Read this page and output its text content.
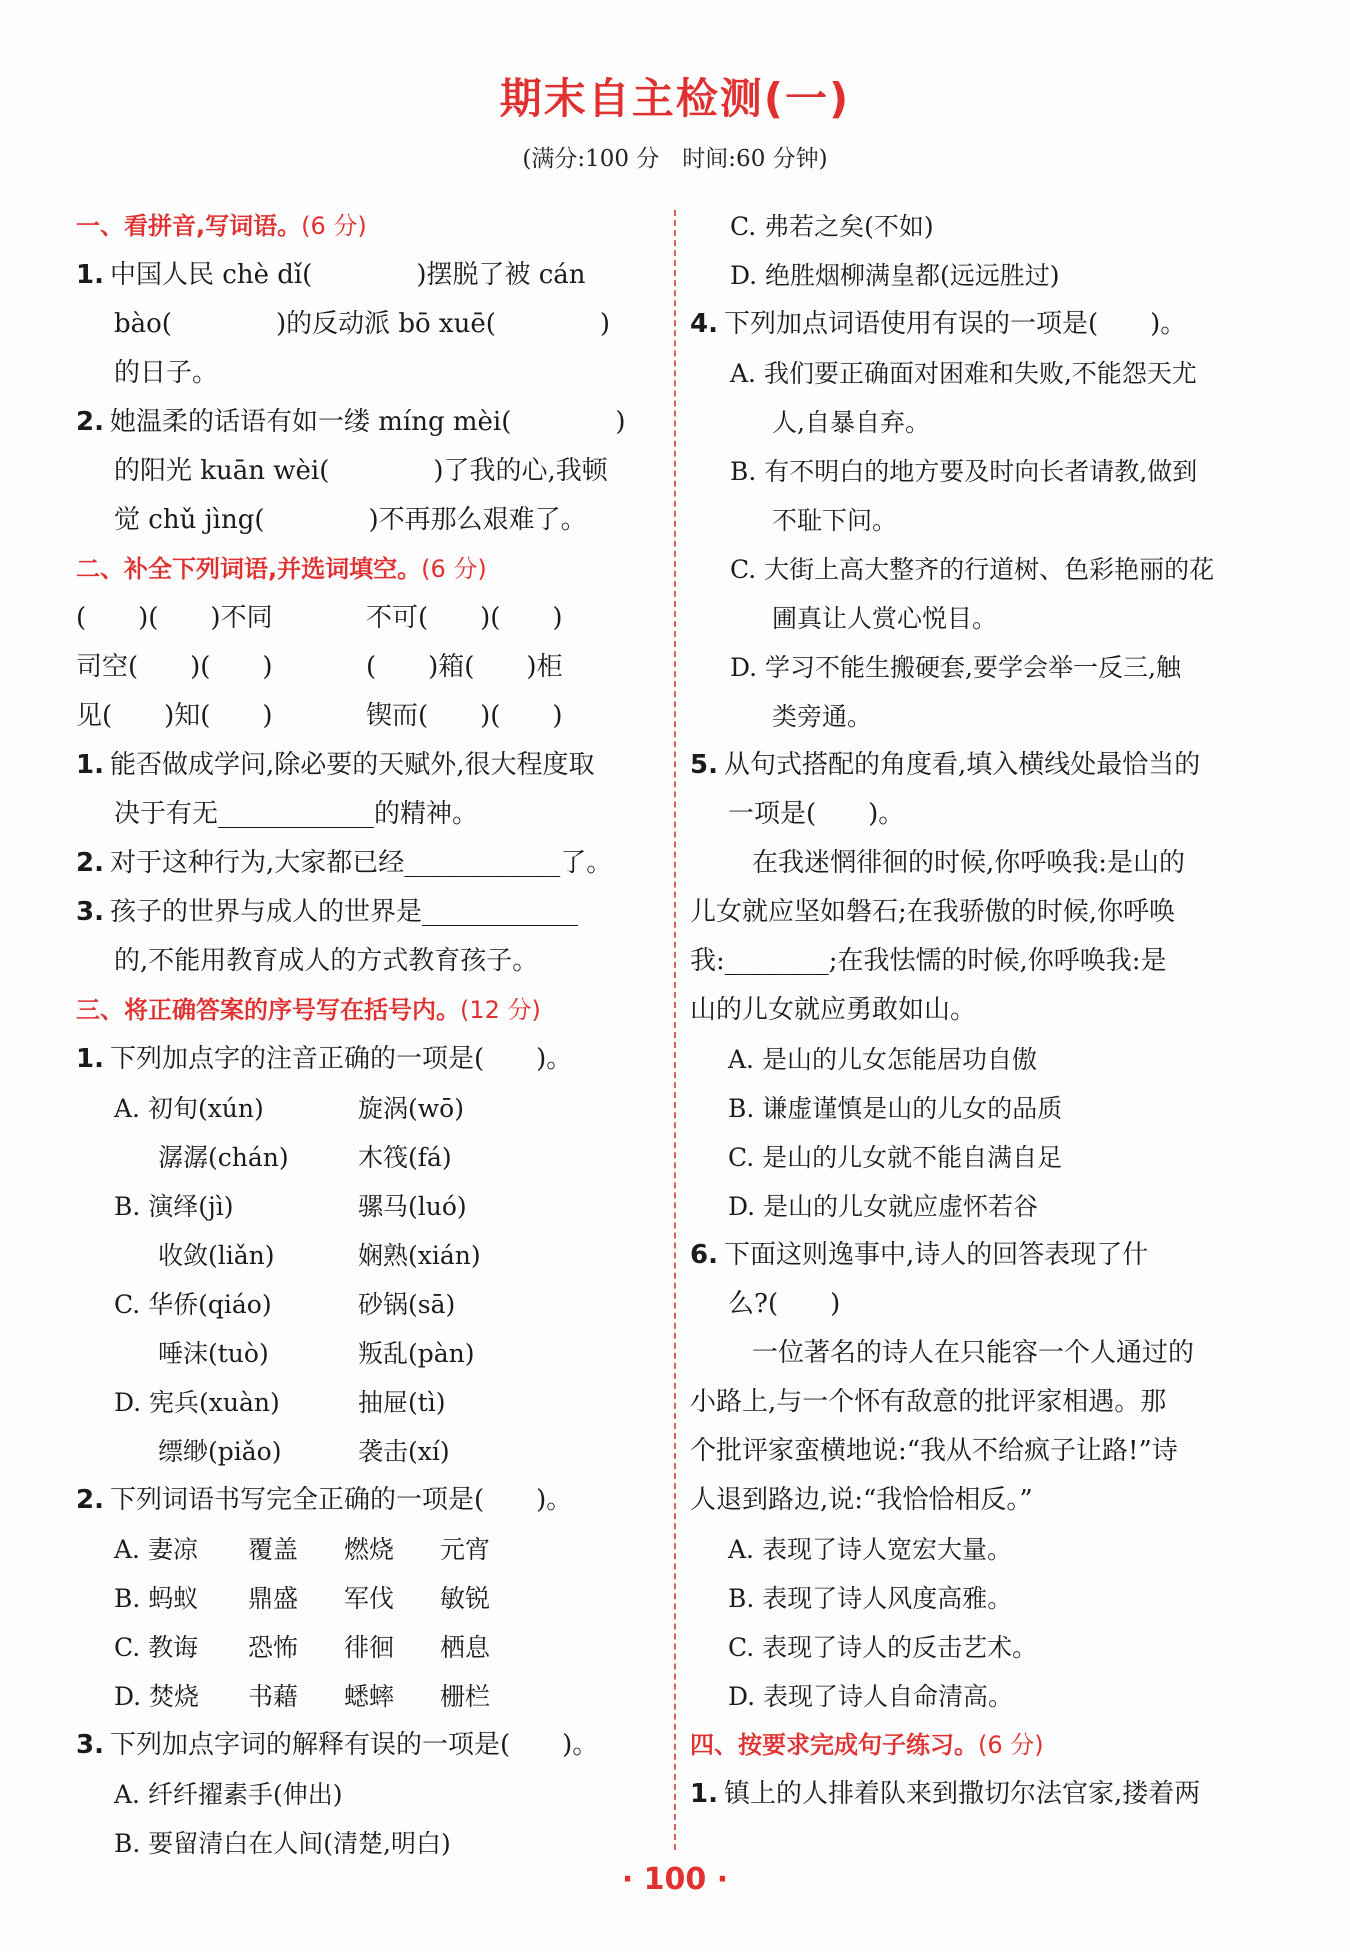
期末自主检测(一)
(满分:100 分　时间:60 分钟)
一、看拼音,写词语。(6 分)
1. 中国人民 chè dǐ(　　　　)摆脱了被 cán
bào(　　　　)的反动派 bō xuē(　　　　)
的日子。
2. 她温柔的话语有如一缕 míng mèi(　　　　)
的阳光 kuān wèi(　　　　)了我的心,我顿
觉 chǔ jìng(　　　　)不再那么艰难了。
二、补全下列词语,并选词填空。(6 分)
(　　)(　　)不同	不可(　　)(　　)
司空(　　)(　　)	(　　)箱(　　)柜
见(　　)知(　　)	锲而(　　)(　　)
1. 能否做成学问,除必要的天赋外,很大程度取
决于有无____________的精神。
2. 对于这种行为,大家都已经____________了。
3. 孩子的世界与成人的世界是____________
的,不能用教育成人的方式教育孩子。
三、将正确答案的序号写在括号内。(12 分)
1. 下列加点字的注音正确的一项是(　　)。
A. 初旬(xún)	旋涡(wō)
潺潺(chán)	木筏(fá)
B. 演绎(jì)	骡马(luó)
收敛(liǎn)	娴熟(xián)
C. 华侨(qiáo)	砂锅(sā)
唾沫(tuò)	叛乱(pàn)
D. 宪兵(xuàn)	抽屉(tì)
缥缈(piǎo)	袭击(xí)
2. 下列词语书写完全正确的一项是(　　)。
A. 妻凉 覆盖 燃烧 元宵
B. 蚂蚁 鼎盛 军伐 敏锐
C. 教诲 恐怖 徘徊 栖息
D. 焚烧 书藉 蟋蟀 栅栏
3. 下列加点字词的解释有误的一项是(　　)。
A. 纤纤擢素手(伸出)
B. 要留清白在人间(清楚,明白)
C. 弗若之矣(不如)
D. 绝胜烟柳满皇都(远远胜过)
4. 下列加点词语使用有误的一项是(　　)。
A. 我们要正确面对困难和失败,不能怨天尤
人,自暴自弃。
B. 有不明白的地方要及时向长者请教,做到
不耻下问。
C. 大街上高大整齐的行道树、色彩艳丽的花
圃真让人赏心悦目。
D. 学习不能生搬硬套,要学会举一反三,触
类旁通。
5. 从句式搭配的角度看,填入横线处最恰当的
一项是(　　)。
在我迷惘徘徊的时候,你呼唤我:是山的
儿女就应坚如磐石;在我骄傲的时候,你呼唤
我:________;在我怯懦的时候,你呼唤我:是
山的儿女就应勇敢如山。
A. 是山的儿女怎能居功自傲
B. 谦虚谨慎是山的儿女的品质
C. 是山的儿女就不能自满自足
D. 是山的儿女就应虚怀若谷
6. 下面这则逸事中,诗人的回答表现了什
么?(　　)
一位著名的诗人在只能容一个人通过的
小路上,与一个怀有敌意的批评家相遇。那
个批评家蛮横地说:“我从不给疯子让路!”诗
人退到路边,说:“我恰恰相反。”
A. 表现了诗人宽宏大量。
B. 表现了诗人风度高雅。
C. 表现了诗人的反击艺术。
D. 表现了诗人自命清高。
四、按要求完成句子练习。(6 分)
1. 镇上的人排着队来到撒切尔法官家,搂着两
· 100 ·
